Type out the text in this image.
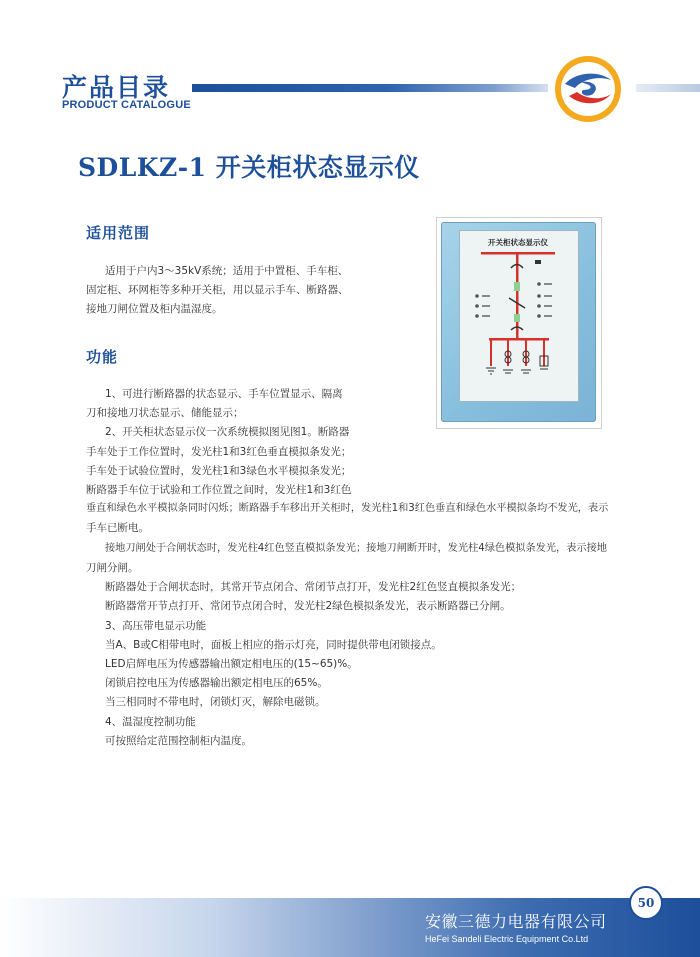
产品目录
PRODUCT CATALOGUE
SDLKZ-1 开关柜状态显示仪
适用范围
适用于户内3～35kV系统；适用于中置柜、手车柜、
固定柜、环网柜等多种开关柜，用以显示手车、断路器、
接地刀闸位置及柜内温湿度。
功能
1、可进行断路器的状态显示、手车位置显示、隔离
刀和接地刀状态显示、储能显示；
2、开关柜状态显示仪一次系统模拟图见图1。断路器
手车处于工作位置时，发光柱1和3红色垂直模拟条发光；
手车处于试验位置时，发光柱1和3绿色水平模拟条发光；
断路器手车位于试验和工作位置之间时，发光柱1和3红色
垂直和绿色水平模拟条同时闪烁；断路器手车移出开关柜时，发光柱1和3红色垂直和绿色水平模拟条均不发光，表示
手车已断电。
接地刀闸处于合闸状态时，发光柱4红色竖直模拟条发光；接地刀闸断开时，发光柱4绿色模拟条发光，表示接地
刀闸分闸。
断路器处于合闸状态时，其常开节点闭合、常闭节点打开，发光柱2红色竖直模拟条发光；
断路器常开节点打开、常闭节点闭合时，发光柱2绿色模拟条发光，表示断路器已分闸。
3、高压带电显示功能
当A、B或C相带电时，面板上相应的指示灯亮，同时提供带电闭锁接点。
LED启辉电压为传感器输出额定相电压的(15~65)%。
闭锁启控电压为传感器输出额定相电压的65%。
当三相同时不带电时，闭锁灯灭，解除电磁锁。
4、温湿度控制功能
可按照给定范围控制柜内温度。
开关柜状态显示仪
50
安徽三德力电器有限公司
HeFei Sandeli Electric Equipment Co.Ltd
